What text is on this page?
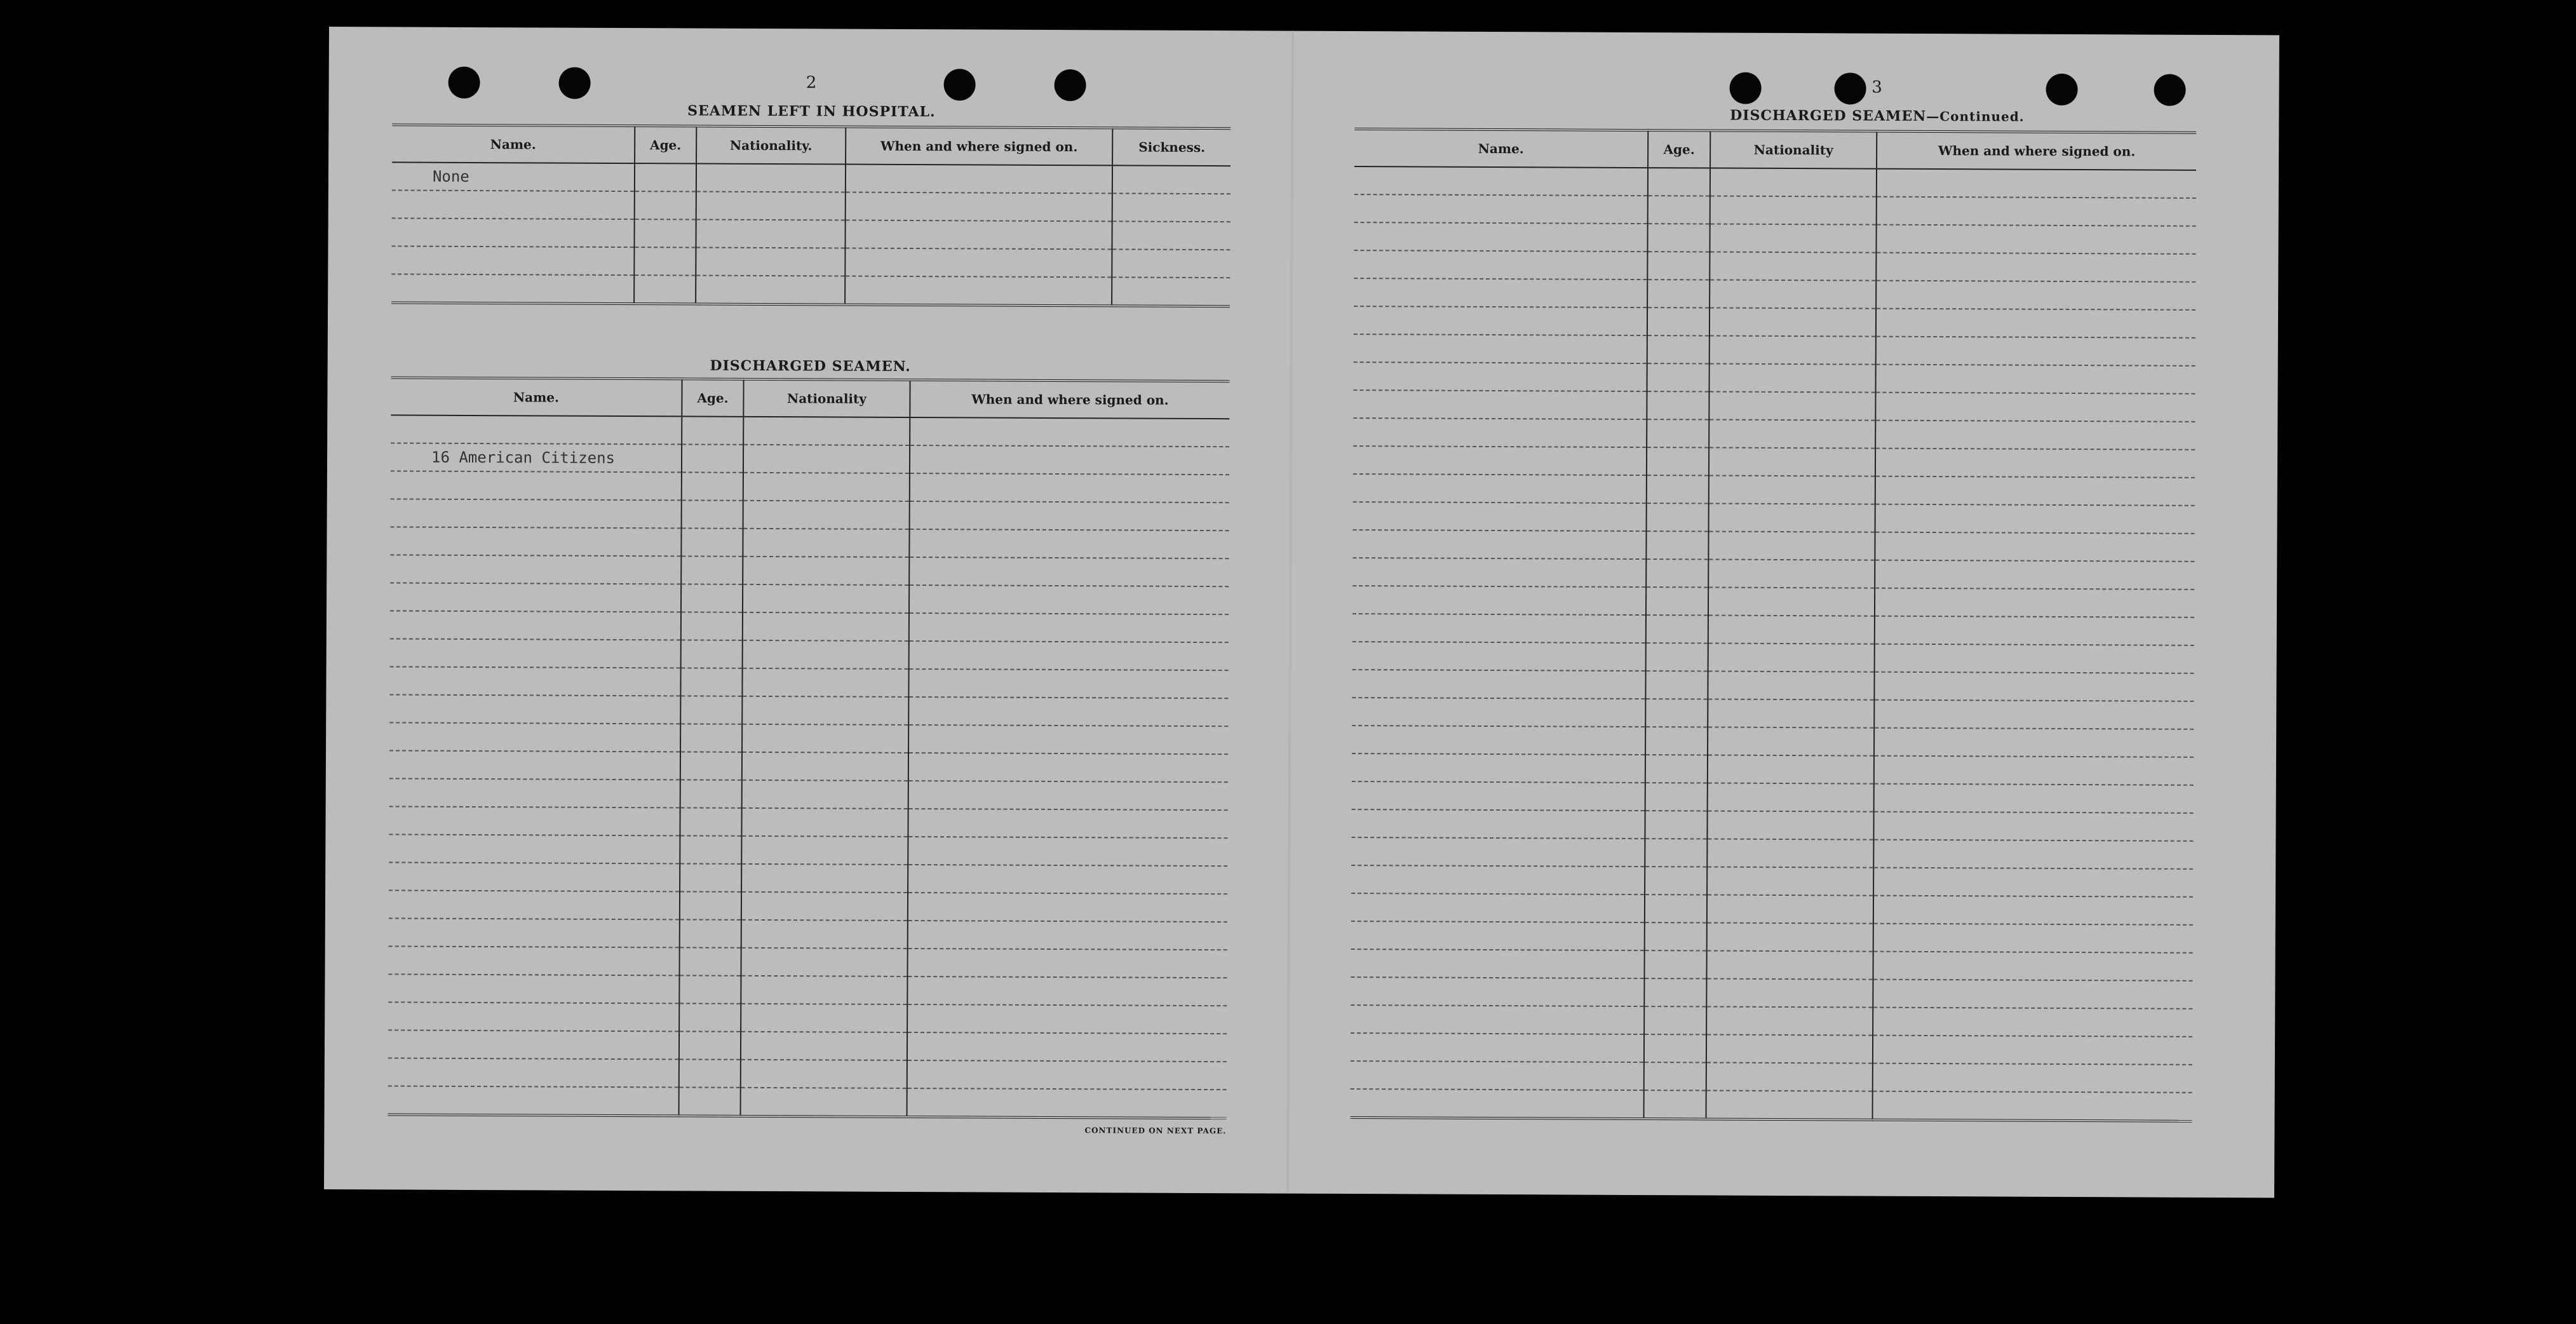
2
SEAMEN LEFT IN HOSPITAL.
Name.	Age.	Nationality.	When and where signed on.	Sickness.
None				

DISCHARGED SEAMEN.
Name.	Age.	Nationality	When and where signed on.

16 American Citizens			

CONTINUED ON NEXT PAGE.
3
DISCHARGED SEAMEN—Continued.
Name.	Age.	Nationality	When and where signed on.
